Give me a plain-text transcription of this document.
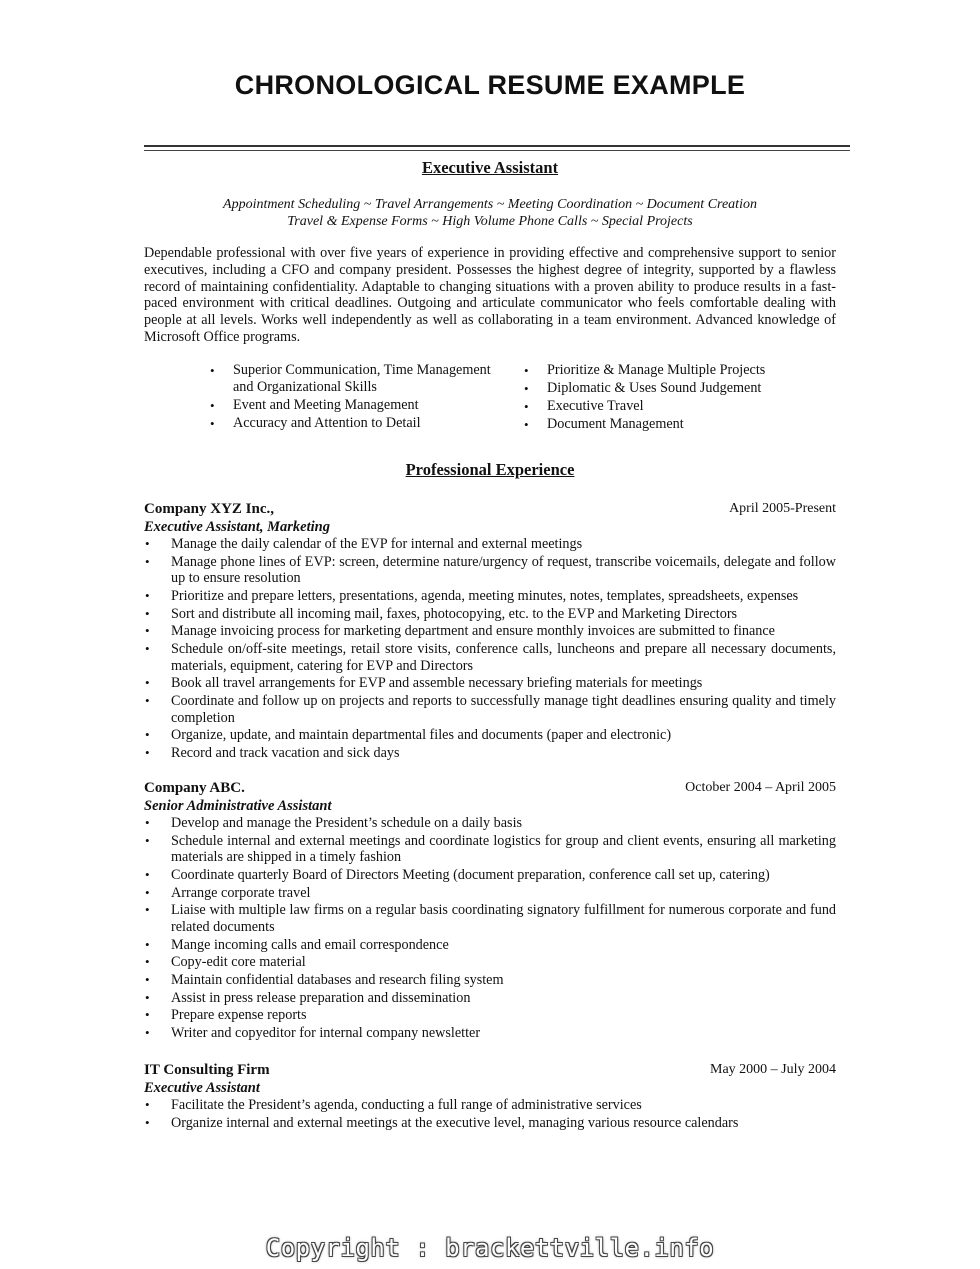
CHRONOLOGICAL RESUME EXAMPLE
Executive Assistant
Appointment Scheduling ~ Travel Arrangements ~ Meeting Coordination ~ Document Creation
Travel & Expense Forms ~ High Volume Phone Calls ~ Special Projects

Dependable professional with over five years of experience in providing effective and comprehensive support to senior executives, including a CFO and company president. Possesses the highest degree of integrity, supported by a flawless record of maintaining confidentiality. Adaptable to changing situations with a proven ability to produce results in a fast-paced environment with critical deadlines. Outgoing and articulate communicator who feels comfortable dealing with people at all levels. Works well independently as well as collaborating in a team environment. Advanced knowledge of Microsoft Office programs.

• Superior Communication, Time Management and Organizational Skills
• Event and Meeting Management
• Accuracy and Attention to Detail
• Prioritize & Manage Multiple Projects
• Diplomatic & Uses Sound Judgement
• Executive Travel
• Document Management
Professional Experience
Company XYZ Inc.,	April 2005-Present
Executive Assistant, Marketing
• Manage the daily calendar of the EVP for internal and external meetings
• Manage phone lines of EVP: screen, determine nature/urgency of request, transcribe voicemails, delegate and follow up to ensure resolution
• Prioritize and prepare letters, presentations, agenda, meeting minutes, notes, templates, spreadsheets, expenses
• Sort and distribute all incoming mail, faxes, photocopying, etc. to the EVP and Marketing Directors
• Manage invoicing process for marketing department and ensure monthly invoices are submitted to finance
• Schedule on/off-site meetings, retail store visits, conference calls, luncheons and prepare all necessary documents, materials, equipment, catering for EVP and Directors
• Book all travel arrangements for EVP and assemble necessary briefing materials for meetings
• Coordinate and follow up on projects and reports to successfully manage tight deadlines ensuring quality and timely completion
• Organize, update, and maintain departmental files and documents (paper and electronic)
• Record and track vacation and sick days
Company ABC.	October 2004 – April 2005
Senior Administrative Assistant
• Develop and manage the President’s schedule on a daily basis
• Schedule internal and external meetings and coordinate logistics for group and client events, ensuring all marketing materials are shipped in a timely fashion
• Coordinate quarterly Board of Directors Meeting (document preparation, conference call set up, catering)
• Arrange corporate travel
• Liaise with multiple law firms on a regular basis coordinating signatory fulfillment for numerous corporate and fund related documents
• Mange incoming calls and email correspondence
• Copy-edit core material
• Maintain confidential databases and research filing system
• Assist in press release preparation and dissemination
• Prepare expense reports
• Writer and copyeditor for internal company newsletter
IT Consulting Firm	May 2000 – July 2004
Executive Assistant
• Facilitate the President’s agenda, conducting a full range of administrative services
• Organize internal and external meetings at the executive level, managing various resource calendars
Copyright : brackettville.info
